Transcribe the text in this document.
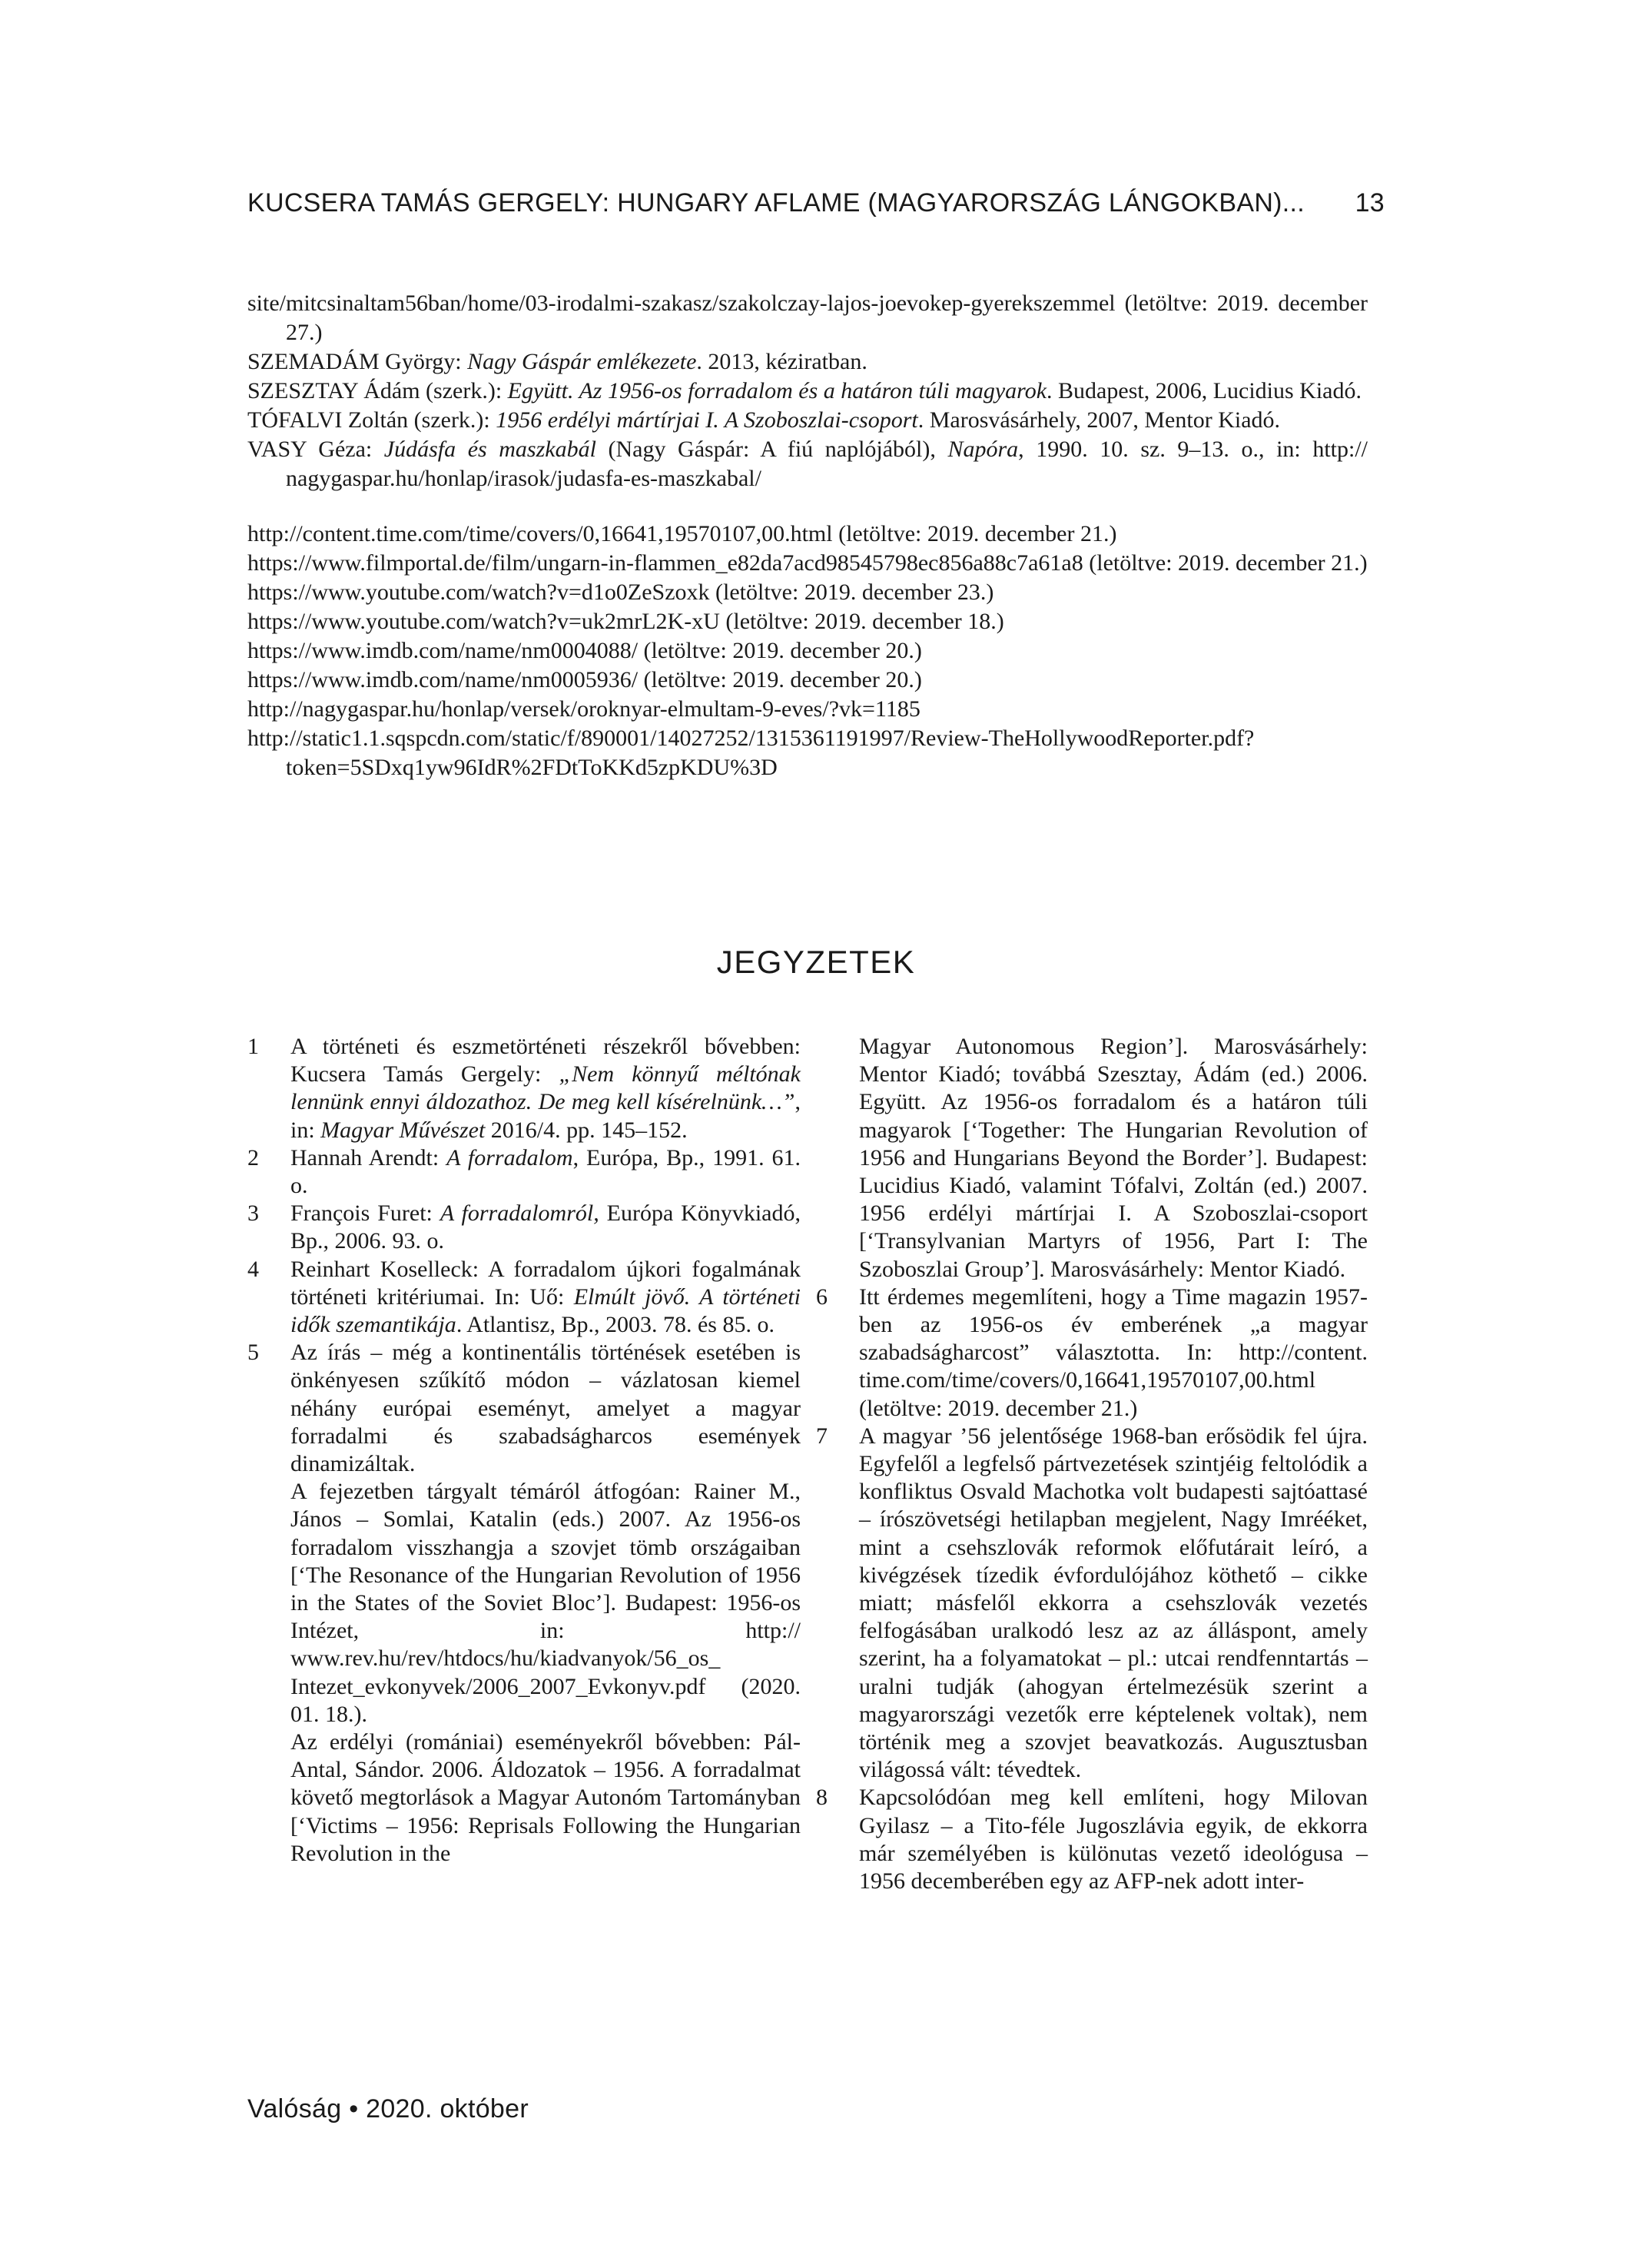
KUCSERA TAMÁS GERGELY: HUNGARY AFLAME (MAGYARORSZÁG LÁNGOKBAN)... 13

site/mitcsinaltam56ban/home/03-irodalmi-szakasz/szakolczay-lajos-joevokep-gyerekszemmel (letöltve: 2019. december 27.)

SZEMADÁM György: Nagy Gáspár emlékezete. 2013, kéziratban.

SZESZTAY Ádám (szerk.): Együtt. Az 1956-os forradalom és a határon túli magyarok. Budapest, 2006, Lucidius Kiadó.

TÓFALVI Zoltán (szerk.): 1956 erdélyi mártírjai I. A Szoboszlai-csoport. Marosvásárhely, 2007, Mentor Kiadó.

VASY Géza: Júdásfa és maszkabál (Nagy Gáspár: A fiú naplójából), Napóra, 1990. 10. sz. 9–13. o., in: http:// nagygaspar.hu/honlap/irasok/judasfa-es-maszkabal/

http://content.time.com/time/covers/0,16641,19570107,00.html (letöltve: 2019. december 21.)

https://www.filmportal.de/film/ungarn-in-flammen_e82da7acd98545798ec856a88c7a61a8 (letöltve: 2019. december 21.)

https://www.youtube.com/watch?v=d1o0ZeSzoxk (letöltve: 2019. december 23.)

https://www.youtube.com/watch?v=uk2mrL2K-xU (letöltve: 2019. december 18.)

https://www.imdb.com/name/nm0004088/ (letöltve: 2019. december 20.)

https://www.imdb.com/name/nm0005936/ (letöltve: 2019. december 20.)

http://nagygaspar.hu/honlap/versek/oroknyar-elmultam-9-eves/?vk=1185

http://static1.1.sqspcdn.com/static/f/890001/14027252/1315361191997/Review-TheHollywoodReporter.pdf? token=5SDxq1yw96IdR%2FDtToKKd5zpKDU%3D

JEGYZETEK
1 A történeti és eszmetörténeti részekről bővebben: Kucsera Tamás Gergely: „Nem könnyű méltónak lennünk ennyi áldozathoz. De meg kell kísérelnünk…”, in: Magyar Művészet 2016/4. pp. 145–152.

2 Hannah Arendt: A forradalom, Európa, Bp., 1991. 61. o.

3 François Furet: A forradalomról, Európa Könyvkiadó, Bp., 2006. 93. o.

4 Reinhart Koselleck: A forradalom újkori fogalmának történeti kritériumai. In: Uő: Elmúlt jövő. A történeti idők szemantikája. Atlantisz, Bp., 2003. 78. és 85. o.

5 Az írás – még a kontinentális történések esetében is önkényesen szűkítő módon – vázlatosan kiemel néhány európai eseményt, amelyet a magyar forradalmi és szabadságharcos események dinamizáltak.

A fejezetben tárgyalt témáról átfogóan: Rainer M., János – Somlai, Katalin (eds.) 2007. Az 1956-os forradalom visszhangja a szovjet tömb országaiban [‘The Resonance of the Hungarian Revolution of 1956 in the States of the Soviet Bloc’]. Budapest: 1956-os Intézet, in: http:// www.rev.hu/rev/htdocs/hu/kiadvanyok/56_os_ Intezet_evkonyvek/2006_2007_Evkonyv.pdf (2020. 01. 18.).

Az erdélyi (romániai) eseményekről bővebben: Pál-Antal, Sándor. 2006. Áldozatok – 1956. A forradalmat követő megtorlások a Magyar Autonóm Tartományban [‘Victims – 1956: Reprisals Following the Hungarian Revolution in the

Magyar Autonomous Region’]. Marosvásárhely: Mentor Kiadó; továbbá Szesztay, Ádám (ed.) 2006. Együtt. Az 1956-os forradalom és a határon túli magyarok [‘Together: The Hungarian Revolution of 1956 and Hungarians Beyond the Border’]. Budapest: Lucidius Kiadó, valamint Tófalvi, Zoltán (ed.) 2007. 1956 erdélyi mártírjai I. A Szoboszlai-csoport [‘Transylvanian Martyrs of 1956, Part I: The Szoboszlai Group’]. Marosvásárhely: Mentor Kiadó.

6 Itt érdemes megemlíteni, hogy a Time magazin 1957-ben az 1956-os év emberének „a magyar szabadságharcost” választotta. In: http://content. time.com/time/covers/0,16641,19570107,00.html (letöltve: 2019. december 21.)

7 A magyar ’56 jelentősége 1968-ban erősödik fel újra. Egyfelől a legfelső pártvezetések szintjéig feltolódik a konfliktus Osvald Machotka volt budapesti sajtóattasé – írószövetségi hetilapban megjelent, Nagy Imrééket, mint a csehszlovák reformok előfutárait leíró, a kivégzések tízedik évfordulójához köthető – cikke miatt; másfelől ekkorra a csehszlovák vezetés felfogásában uralkodó lesz az az álláspont, amely szerint, ha a folyamatokat – pl.: utcai rendfenntartás – uralni tudják (ahogyan értelmezésük szerint a magyarországi vezetők erre képtelenek voltak), nem történik meg a szovjet beavatkozás. Augusztusban világossá vált: tévedtek.

8 Kapcsolódóan meg kell említeni, hogy Milovan Gyilasz – a Tito-féle Jugoszlávia egyik, de ekkorra már személyében is különutas vezető ideológusa – 1956 decemberében egy az AFP-nek adott inter-

Valóság • 2020. október
